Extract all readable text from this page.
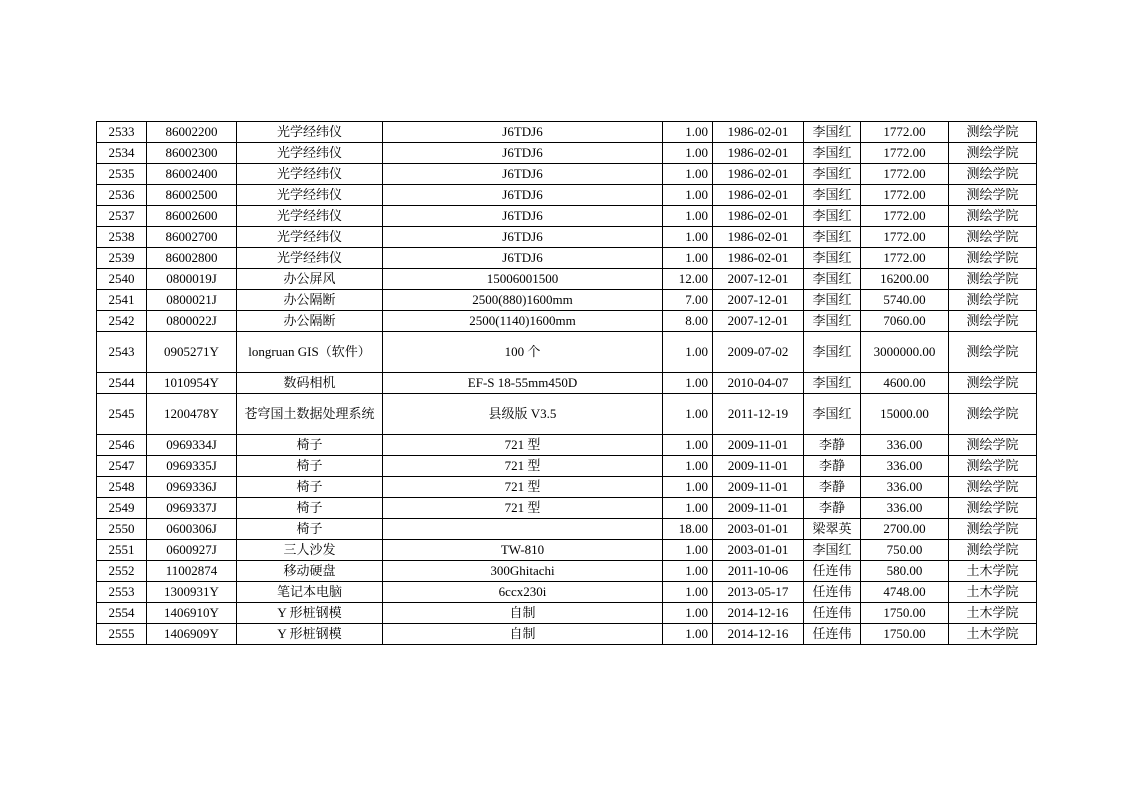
2533	86002200	光学经纬仪	J6TDJ6	1.00	1986-02-01	李国红	1772.00	测绘学院
2534	86002300	光学经纬仪	J6TDJ6	1.00	1986-02-01	李国红	1772.00	测绘学院
2535	86002400	光学经纬仪	J6TDJ6	1.00	1986-02-01	李国红	1772.00	测绘学院
2536	86002500	光学经纬仪	J6TDJ6	1.00	1986-02-01	李国红	1772.00	测绘学院
2537	86002600	光学经纬仪	J6TDJ6	1.00	1986-02-01	李国红	1772.00	测绘学院
2538	86002700	光学经纬仪	J6TDJ6	1.00	1986-02-01	李国红	1772.00	测绘学院
2539	86002800	光学经纬仪	J6TDJ6	1.00	1986-02-01	李国红	1772.00	测绘学院
2540	0800019J	办公屏风	15006001500	12.00	2007-12-01	李国红	16200.00	测绘学院
2541	0800021J	办公隔断	2500(880)1600mm	7.00	2007-12-01	李国红	5740.00	测绘学院
2542	0800022J	办公隔断	2500(1140)1600mm	8.00	2007-12-01	李国红	7060.00	测绘学院
2543	0905271Y	longruan GIS（软件）	100 个	1.00	2009-07-02	李国红	3000000.00	测绘学院
2544	1010954Y	数码相机	EF-S 18-55mm450D	1.00	2010-04-07	李国红	4600.00	测绘学院
2545	1200478Y	苍穹国土数据处理系统	县级版 V3.5	1.00	2011-12-19	李国红	15000.00	测绘学院
2546	0969334J	椅子	721 型	1.00	2009-11-01	李静	336.00	测绘学院
2547	0969335J	椅子	721 型	1.00	2009-11-01	李静	336.00	测绘学院
2548	0969336J	椅子	721 型	1.00	2009-11-01	李静	336.00	测绘学院
2549	0969337J	椅子	721 型	1.00	2009-11-01	李静	336.00	测绘学院
2550	0600306J	椅子		18.00	2003-01-01	梁翠英	2700.00	测绘学院
2551	0600927J	三人沙发	TW-810	1.00	2003-01-01	李国红	750.00	测绘学院
2552	11002874	移动硬盘	300Ghitachi	1.00	2011-10-06	任连伟	580.00	土木学院
2553	1300931Y	笔记本电脑	6ccx230i	1.00	2013-05-17	任连伟	4748.00	土木学院
2554	1406910Y	Y 形桩钢模	自制	1.00	2014-12-16	任连伟	1750.00	土木学院
2555	1406909Y	Y 形桩钢模	自制	1.00	2014-12-16	任连伟	1750.00	土木学院
